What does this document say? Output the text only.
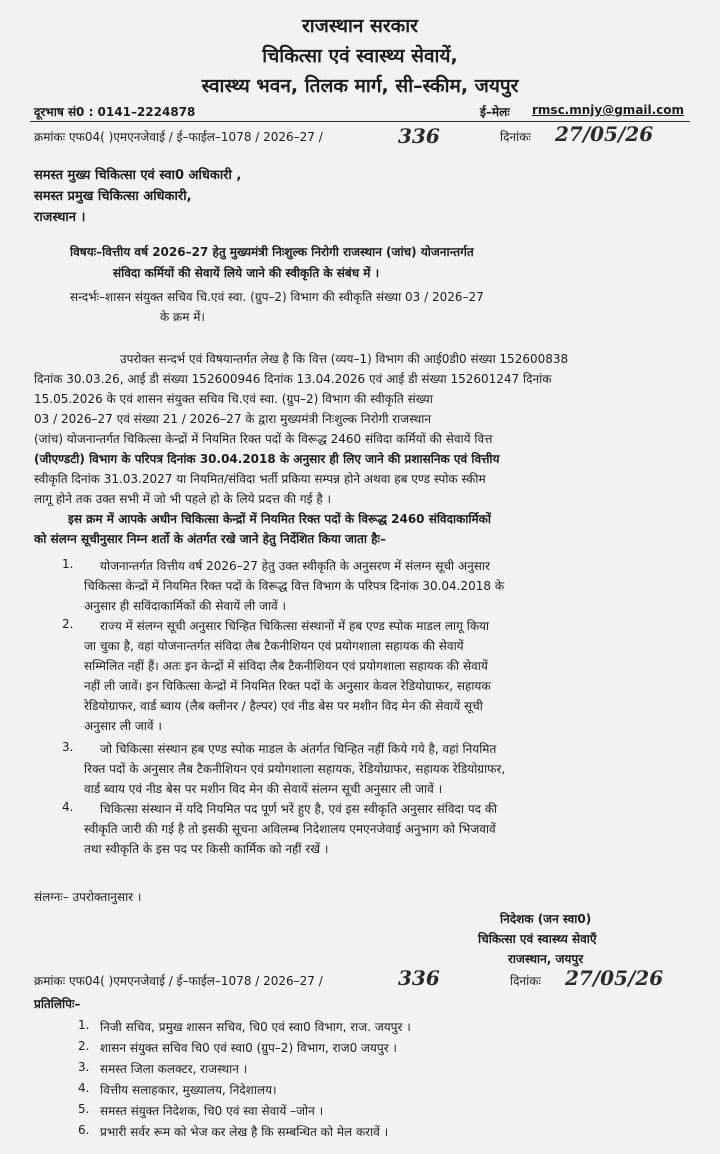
राजस्थान सरकार
चिकित्सा एवं स्वास्थ्य सेवायें,
स्वास्थ्य भवन, तिलक मार्ग, सी–स्कीम, जयपुर
दूरभाष सं0 : 0141–2224878	ई–मेलः rmsc.mnjy@gmail.com
क्रमांकः एफ04( )एमएनजेवाई / ई–फाईल–1078 / 2026–27 /	336	दिनांकः 27/05/26
समस्त मुख्य चिकित्सा एवं स्वा0 अधिकारी ,
समस्त प्रमुख चिकित्सा अधिकारी,
राजस्थान ।
विषयः–वित्तीय वर्ष 2026–27 हेतु मुख्यमंत्री निःशुल्क निरोगी राजस्थान (जांच) योजनान्तर्गत
संविदा कर्मियों की सेवायें लिये जाने की स्वीकृति के संबंध में ।
सन्दर्भः–शासन संयुक्त सचिव चि.एवं स्वा. (ग्रुप–2) विभाग की स्वीकृति संख्या 03 / 2026–27
के क्रम में।
उपरोक्त सन्दर्भ एवं विषयान्तर्गत लेख है कि वित्त (व्यय–1) विभाग की आई0डी0 संख्या 152600838
दिनांक 30.03.26, आई डी संख्या 152600946 दिनांक 13.04.2026 एवं आई डी संख्या 152601247 दिनांक
15.05.2026 के एवं शासन संयुक्त सचिव चि.एवं स्वा. (ग्रुप–2) विभाग की स्वीकृति संख्या
03 / 2026–27 एवं संख्या 21 / 2026–27 के द्वारा मुख्यमंत्री निःशुल्क निरोगी राजस्थान
(जांच) योजनान्तर्गत चिकित्सा केन्द्रों में नियमित रिक्त पदों के विरूद्ध 2460 संविदा कर्मियों की सेवायें वित्त
(जीएण्डटी) विभाग के परिपत्र दिनांक 30.04.2018 के अनुसार ही लिए जाने की प्रशासनिक एवं वित्तीय
स्वीकृति दिनांक 31.03.2027 या नियमित/संविदा भर्ती प्रकिया सम्पन्न होने अथवा हब एण्ड स्पोक स्कीम
लागू होने तक उक्त सभी में जो भी पहले हो के लिये प्रदत्त की गई है ।
इस क्रम में आपके अधीन चिकित्सा केन्द्रों में नियमित रिक्त पदों के विरूद्ध 2460 संविदाकार्मिकों
को संलग्न सूचीनुसार निम्न शर्तो के अंतर्गत रखे जाने हेतु निर्देशित किया जाता हैः–
1. योजनान्तर्गत वित्तीय वर्ष 2026–27 हेतु उक्त स्वीकृति के अनुसरण में संलग्न सूची अनुसार
चिकित्सा केन्द्रों में नियमित रिक्त पदों के विरूद्ध वित्त विभाग के परिपत्र दिनांक 30.04.2018 के
अनुसार ही सविंदाकार्मिकों की सेवायें ली जावें ।
2. राज्य में संलग्न सूची अनुसार चिन्हित चिकित्सा संस्थानों में हब एण्ड स्पोक माडल लागू किया
जा चुका है, वहां योजनान्तर्गत संविदा लैब टैकनीशियन एवं प्रयोगशाला सहायक की सेवायें
सम्मिलित नहीं हैं। अतः इन केन्द्रों में संविदा लैब टैकनीशियन एवं प्रयोगशाला सहायक की सेवायें
नहीं ली जावें। इन चिकित्सा केन्द्रों में नियमित रिक्त पदों के अनुसार केवल रेडियोग्राफर, सहायक
रेडियोग्राफर, वार्ड ब्वाय (लैब क्लीनर / हैल्पर) एवं नीड बेस पर मशीन विद मेन की सेवायें सूची
अनुसार ली जावें ।
3. जो चिकित्सा संस्थान हब एण्ड स्पोक माडल के अंतर्गत चिन्हित नहीं किये गये है, वहां नियमित
रिक्त पदों के अनुसार लैब टैकनीशियन एवं प्रयोगशाला सहायक, रेडियोग्राफर, सहायक रेडियोग्राफर,
वार्ड ब्वाय एवं नीड बेस पर मशीन विद मेन की सेवायें संलग्न सूची अनुसार ली जावें ।
4. चिकित्सा संस्थान में यदि नियमित पद पूर्ण भरें हुए है, एवं इस स्वीकृति अनुसार संविदा पद की
स्वीकृति जारी की गई है तो इसकी सूचना अविलम्ब निदेशालय एमएनजेवाई अनुभाग को भिजवावें
तथा स्वीकृति के इस पद पर किसी कार्मिक को नहीं रखें ।
संलग्नः– उपरोक्तानुसार ।
निदेशक (जन स्वा0)
चिकित्सा एवं स्वास्थ्य सेवाएँ
राजस्थान, जयपुर
क्रमांकः एफ04( )एमएनजेवाई / ई–फाईल–1078 / 2026–27 /	336	दिनांकः 27/05/26
प्रतिलिपिः–
1. निजी सचिव, प्रमुख शासन सचिव, चि0 एवं स्वा0 विभाग, राज. जयपुर ।
2. शासन संयुक्त सचिव चि0 एवं स्वा0 (ग्रुप–2) विभाग, राज0 जयपुर ।
3. समस्त जिला कलक्टर, राजस्थान ।
4. वित्तीय सलाहकार, मुख्यालय, निदेशालय।
5. समस्त संयुक्त निदेशक, चि0 एवं स्वा सेवायें –जोन ।
6. प्रभारी सर्वर रूम को भेज कर लेख है कि सम्बन्धित को मेल करावें ।
